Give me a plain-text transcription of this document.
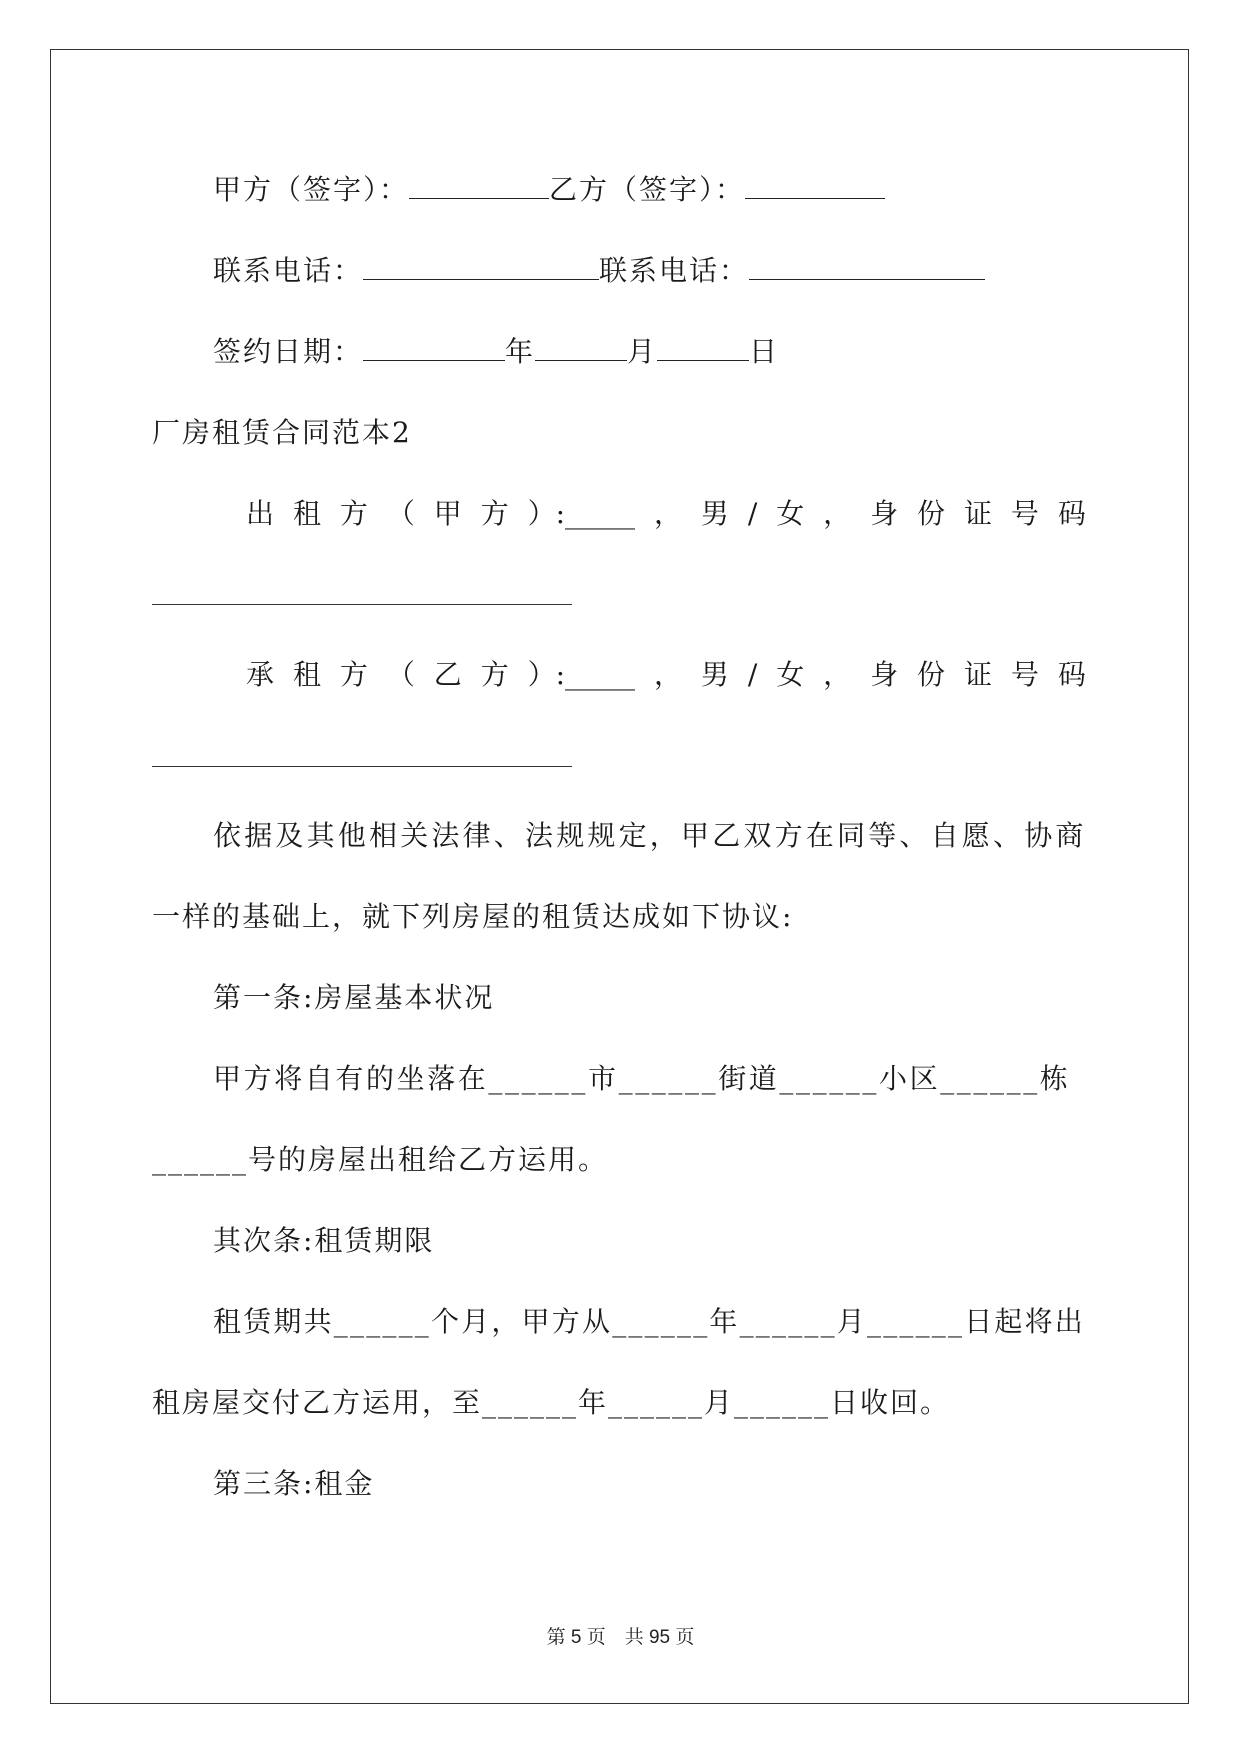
甲方（签字）：	乙方（签字）：
联系电话：	联系电话：
签约日期：	年	月	日
厂房租赁合同范本2
出 租 方 （ 甲 方 ）:_____ ， 男 / 女 ， 身 份 证 号 码
承 租 方 （ 乙 方 ）:_____ ， 男 / 女 ， 身 份 证 号 码
依据及其他相关法律、法规规定，甲乙双方在同等、自愿、协商
一样的基础上，就下列房屋的租赁达成如下协议:
第一条:房屋基本状况
甲方将自有的坐落在______市______街道______小区______栋
______号的房屋出租给乙方运用。
其次条:租赁期限
租赁期共______个月，甲方从______年______月______日起将出
租房屋交付乙方运用，至______年______月______日收回。
第三条:租金
第 5 页　共 95 页
